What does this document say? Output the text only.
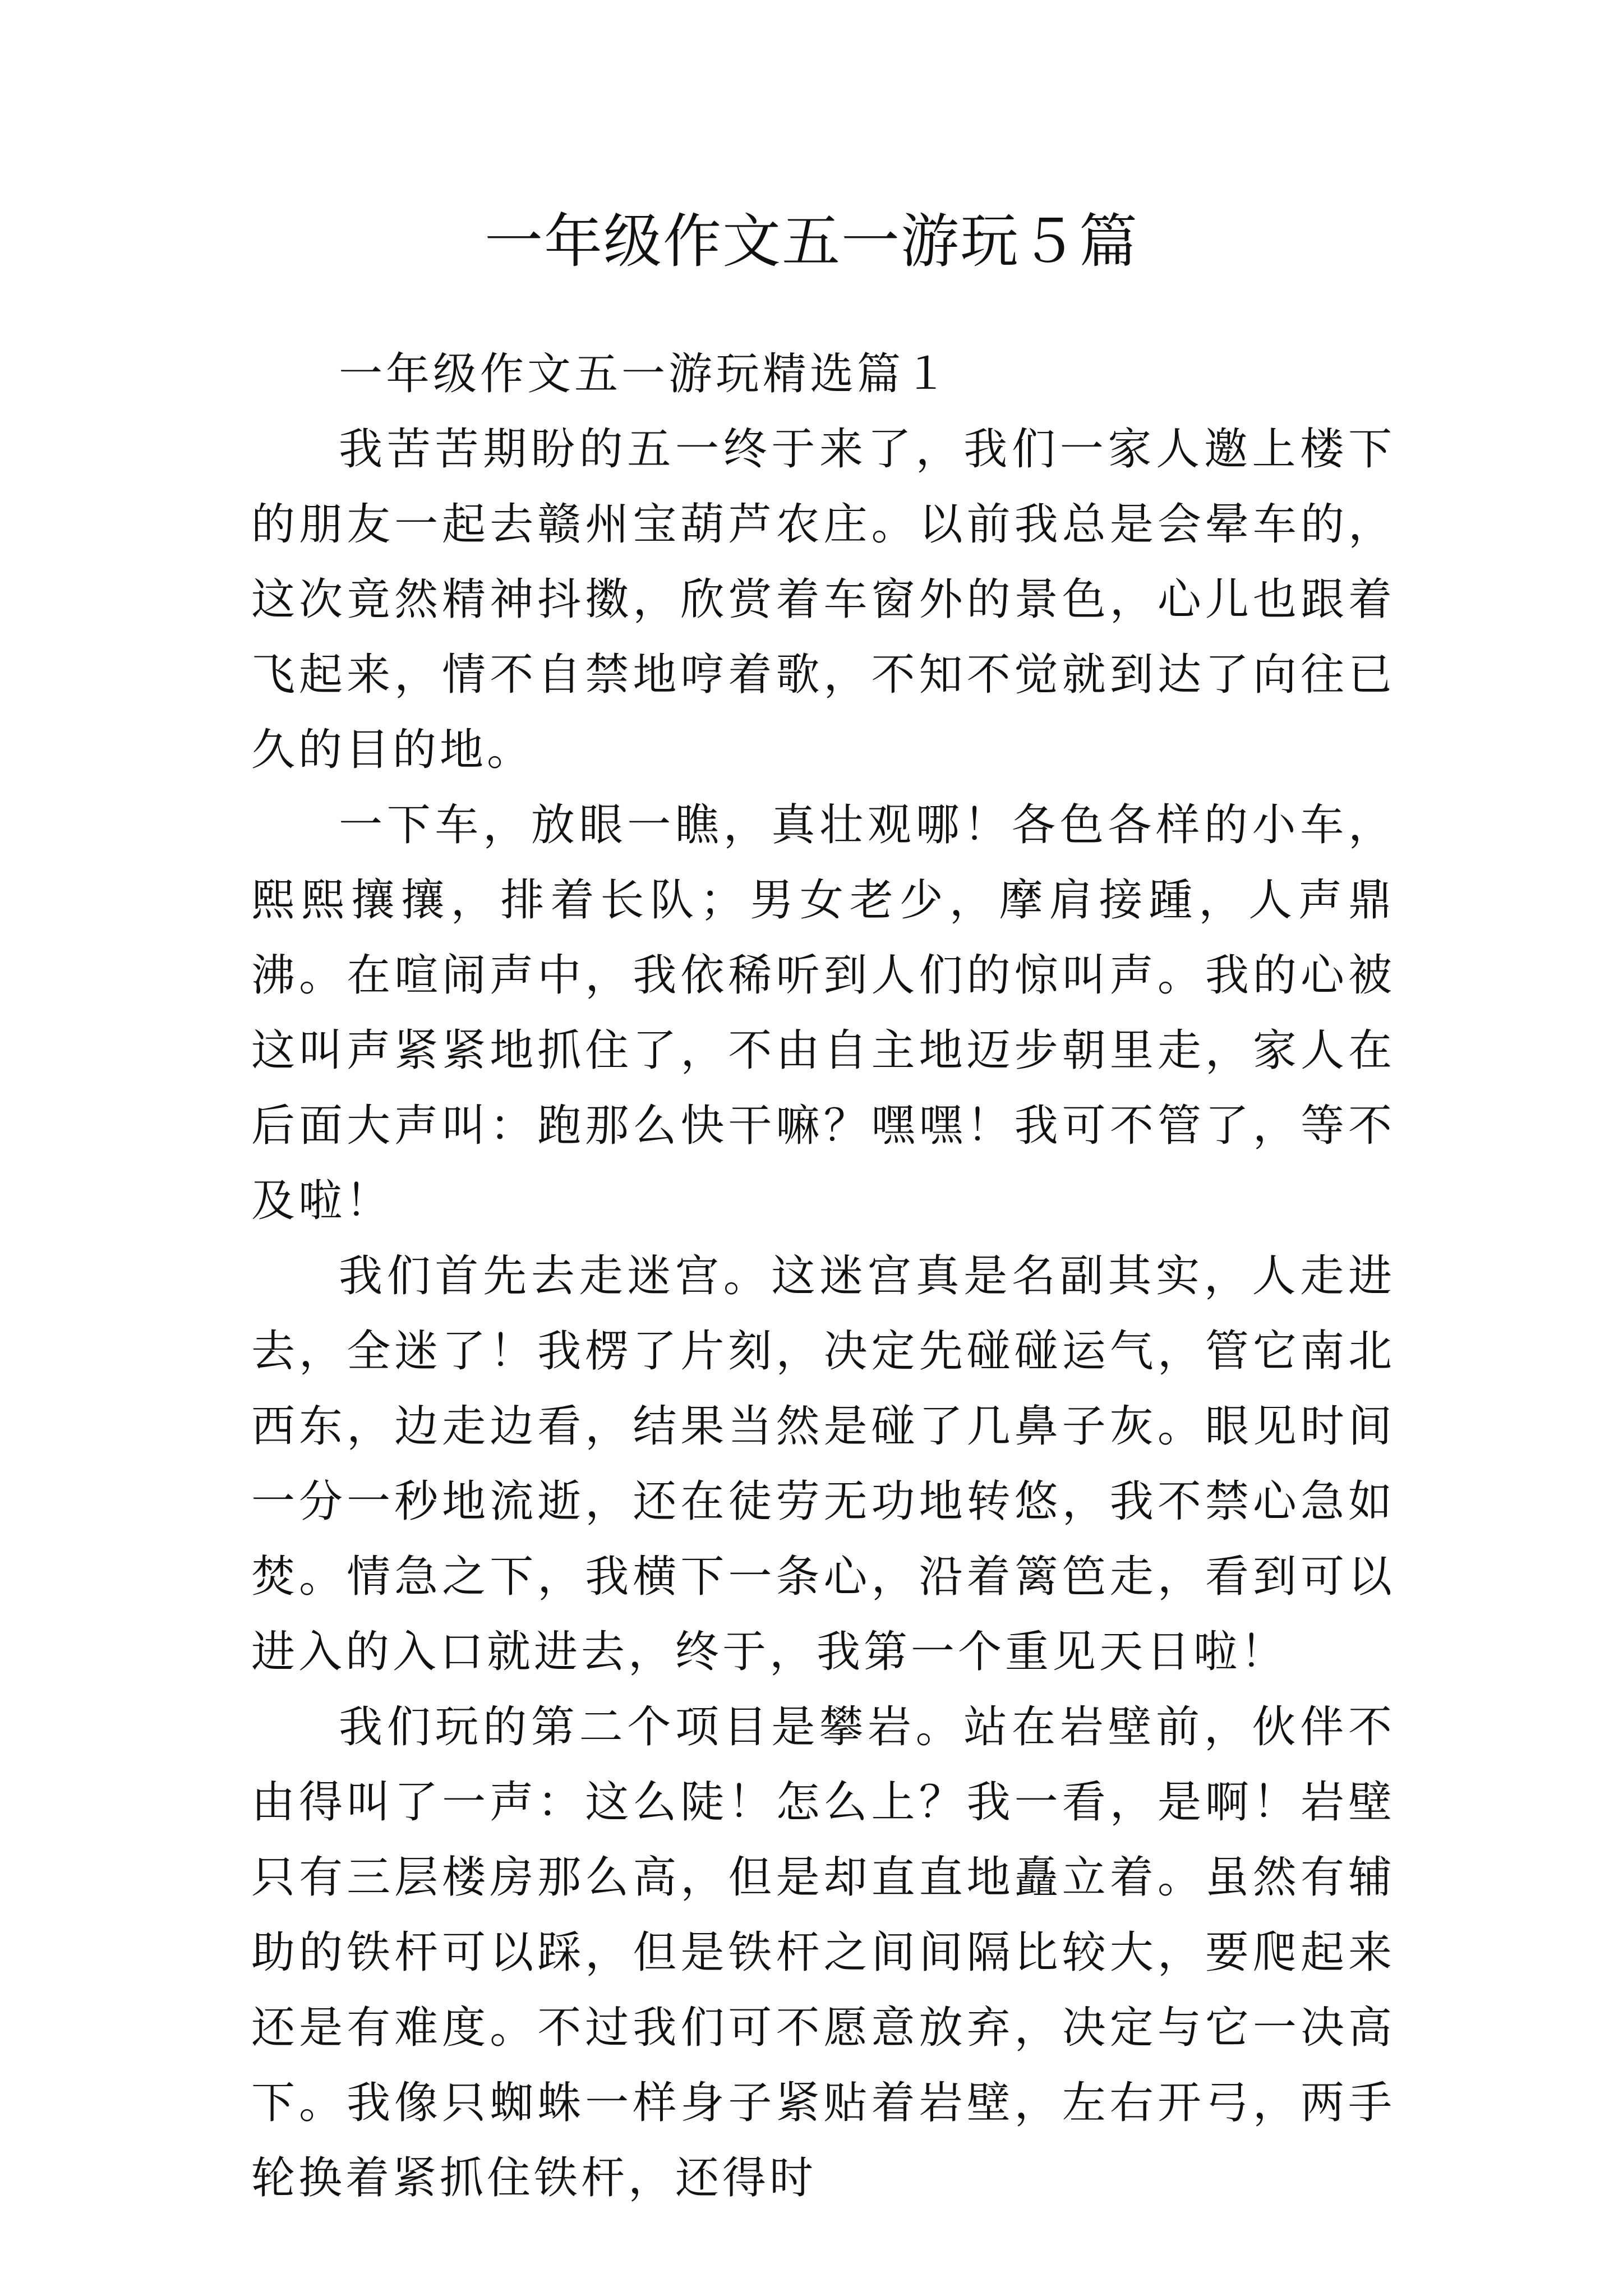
一年级作文五一游玩５篇

一年级作文五一游玩精选篇１

我苦苦期盼的五一终于来了，我们一家人邀上楼下的朋友一起去赣州宝葫芦农庄。以前我总是会晕车的，这次竟然精神抖擞，欣赏着车窗外的景色，心儿也跟着飞起来，情不自禁地哼着歌，不知不觉就到达了向往已久的目的地。

一下车，放眼一瞧，真壮观哪！各色各样的小车，熙熙攘攘，排着长队；男女老少，摩肩接踵，人声鼎沸。在喧闹声中，我依稀听到人们的惊叫声。我的心被这叫声紧紧地抓住了，不由自主地迈步朝里走，家人在后面大声叫：跑那么快干嘛？嘿嘿！我可不管了，等不及啦！

我们首先去走迷宫。这迷宫真是名副其实，人走进去，全迷了！我楞了片刻，决定先碰碰运气，管它南北西东，边走边看，结果当然是碰了几鼻子灰。眼见时间一分一秒地流逝，还在徒劳无功地转悠，我不禁心急如焚。情急之下，我横下一条心，沿着篱笆走，看到可以进入的入口就进去，终于，我第一个重见天日啦！

我们玩的第二个项目是攀岩。站在岩壁前，伙伴不由得叫了一声：这么陡！怎么上？我一看，是啊！岩壁只有三层楼房那么高，但是却直直地矗立着。虽然有辅助的铁杆可以踩，但是铁杆之间间隔比较大，要爬起来还是有难度。不过我们可不愿意放弃，决定与它一决高下。我像只蜘蛛一样身子紧贴着岩壁，左右开弓，两手轮换着紧抓住铁杆，还得时
